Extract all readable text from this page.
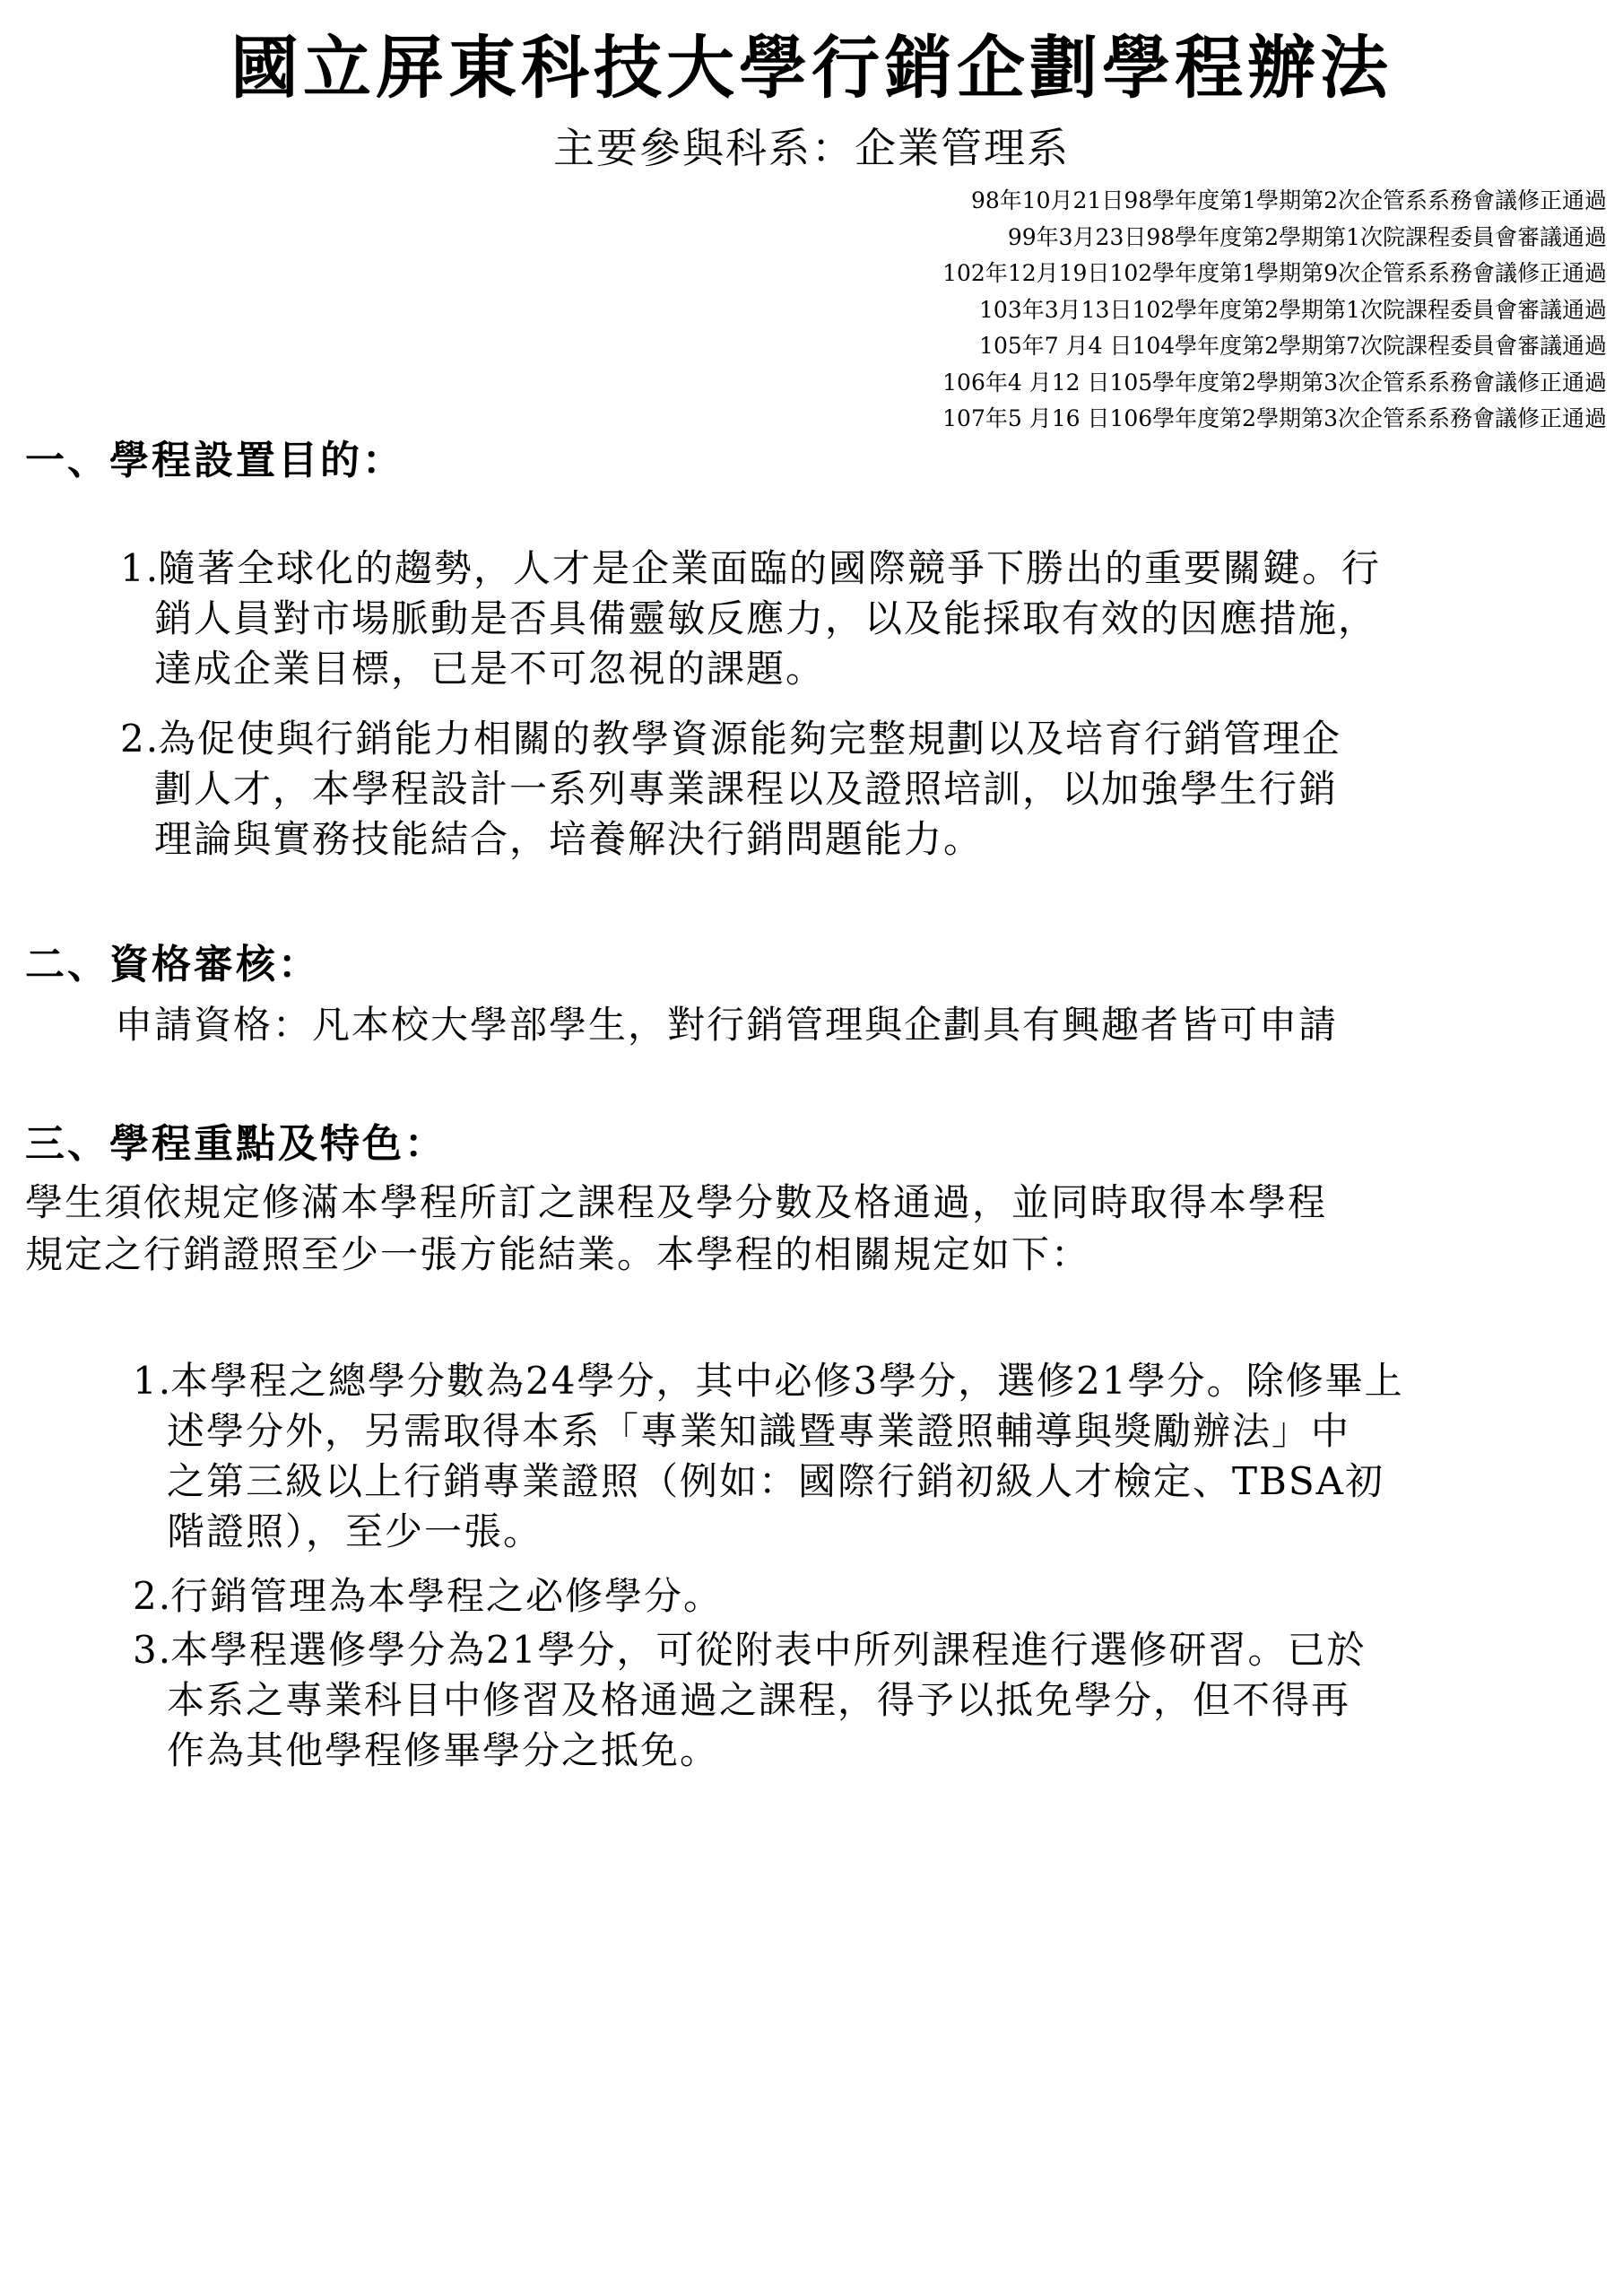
國立屏東科技大學行銷企劃學程辦法
主要參與科系：企業管理系
98年10月21日98學年度第1學期第2次企管系系務會議修正通過
99年3月23日98學年度第2學期第1次院課程委員會審議通過
102年12月19日102學年度第1學期第9次企管系系務會議修正通過
103年3月13日102學年度第2學期第1次院課程委員會審議通過
105年7 月4 日104學年度第2學期第7次院課程委員會審議通過
106年4 月12 日105學年度第2學期第3次企管系系務會議修正通過
107年5 月16 日106學年度第2學期第3次企管系系務會議修正通過
一、學程設置目的：
1.
隨著全球化的趨勢，人才是企業面臨的國際競爭下勝出的重要關鍵。行
銷人員對市場脈動是否具備靈敏反應力，以及能採取有效的因應措施，
達成企業目標，已是不可忽視的課題。
2.
為促使與行銷能力相關的教學資源能夠完整規劃以及培育行銷管理企
劃人才，本學程設計一系列專業課程以及證照培訓，以加強學生行銷
理論與實務技能結合，培養解決行銷問題能力。
二、資格審核：
申請資格：凡本校大學部學生，對行銷管理與企劃具有興趣者皆可申請
三、學程重點及特色：
學生須依規定修滿本學程所訂之課程及學分數及格通過，並同時取得本學程
規定之行銷證照至少一張方能結業。本學程的相關規定如下：
1.
本學程之總學分數為24學分，其中必修3學分，選修21學分。除修畢上
述學分外，另需取得本系「專業知識暨專業證照輔導與獎勵辦法」中
之第三級以上行銷專業證照（例如：國際行銷初級人才檢定、TBSA初
階證照），至少一張。
2.
行銷管理為本學程之必修學分。
3.
本學程選修學分為21學分，可從附表中所列課程進行選修研習。已於
本系之專業科目中修習及格通過之課程，得予以抵免學分，但不得再
作為其他學程修畢學分之抵免。
